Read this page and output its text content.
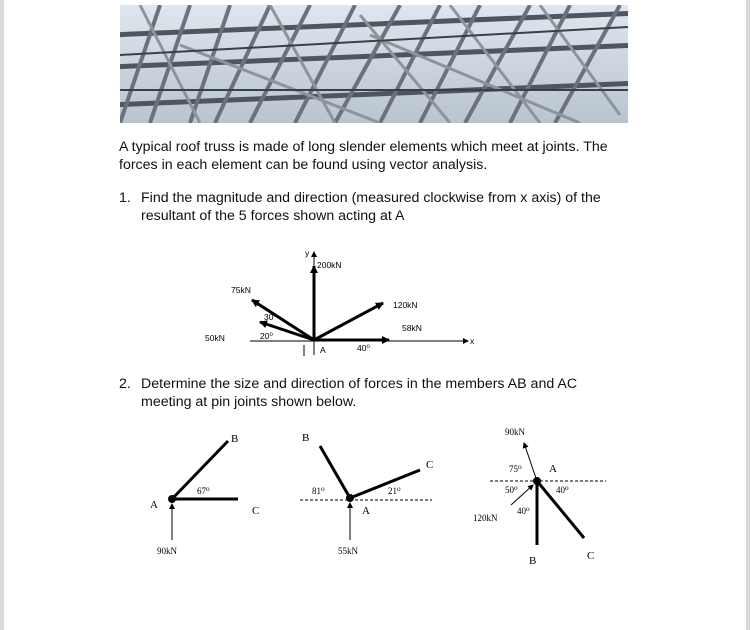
A typical roof truss is made of long slender elements which meet at joints. The forces in each element can be found using vector analysis.
1. Find the magnitude and direction (measured clockwise from x axis) of the resultant of the 5 forces shown acting at A
2. Determine the size and direction of forces in the members AB and AC meeting at pin joints shown below.
y
x
200kN
75kN
120kN
58kN
50kN
30⁰
20⁰
40⁰
A
B
A	C
67⁰
90kN
B
C
A
81⁰	21⁰
55kN
90kN
A
75⁰
50⁰	40⁰
40⁰
120kN
B	C
